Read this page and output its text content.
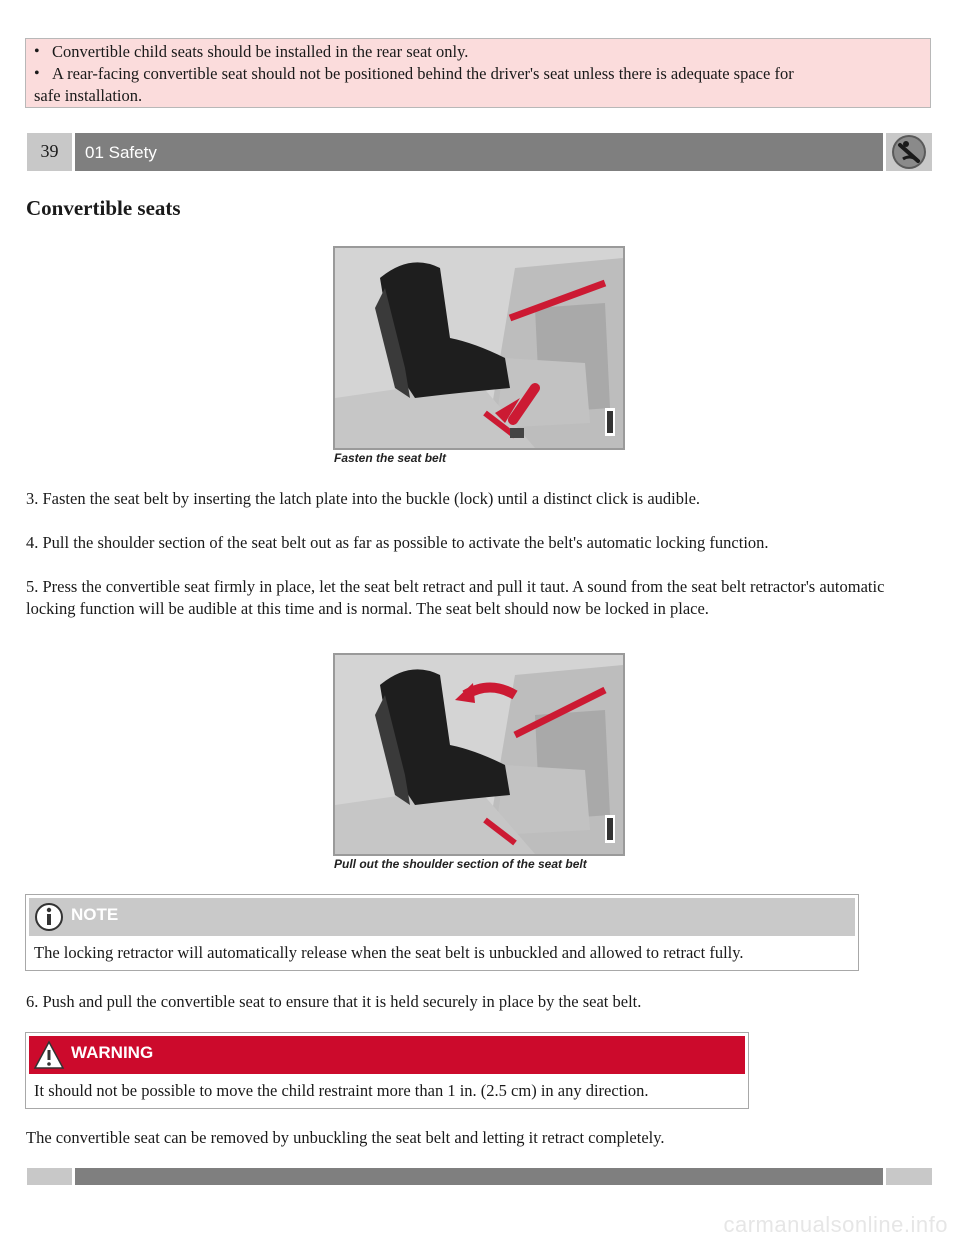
• Convertible child seats should be installed in the rear seat only.
• A rear-facing convertible seat should not be positioned behind the driver's seat unless there is adequate space for
safe installation.
39	01 Safety
Convertible seats
Fasten the seat belt

3. Fasten the seat belt by inserting the latch plate into the buckle (lock) until a distinct click is audible.

4. Pull the shoulder section of the seat belt out as far as possible to activate the belt's automatic locking function.

5. Press the convertible seat firmly in place, let the seat belt retract and pull it taut. A sound from the seat belt retractor's automatic locking function will be audible at this time and is normal. The seat belt should now be locked in place.

Pull out the shoulder section of the seat belt
NOTE
The locking retractor will automatically release when the seat belt is unbuckled and allowed to retract fully.

6. Push and pull the convertible seat to ensure that it is held securely in place by the seat belt.

WARNING
It should not be possible to move the child restraint more than 1 in. (2.5 cm) in any direction.

The convertible seat can be removed by unbuckling the seat belt and letting it retract completely.

carmanualsonline.info
